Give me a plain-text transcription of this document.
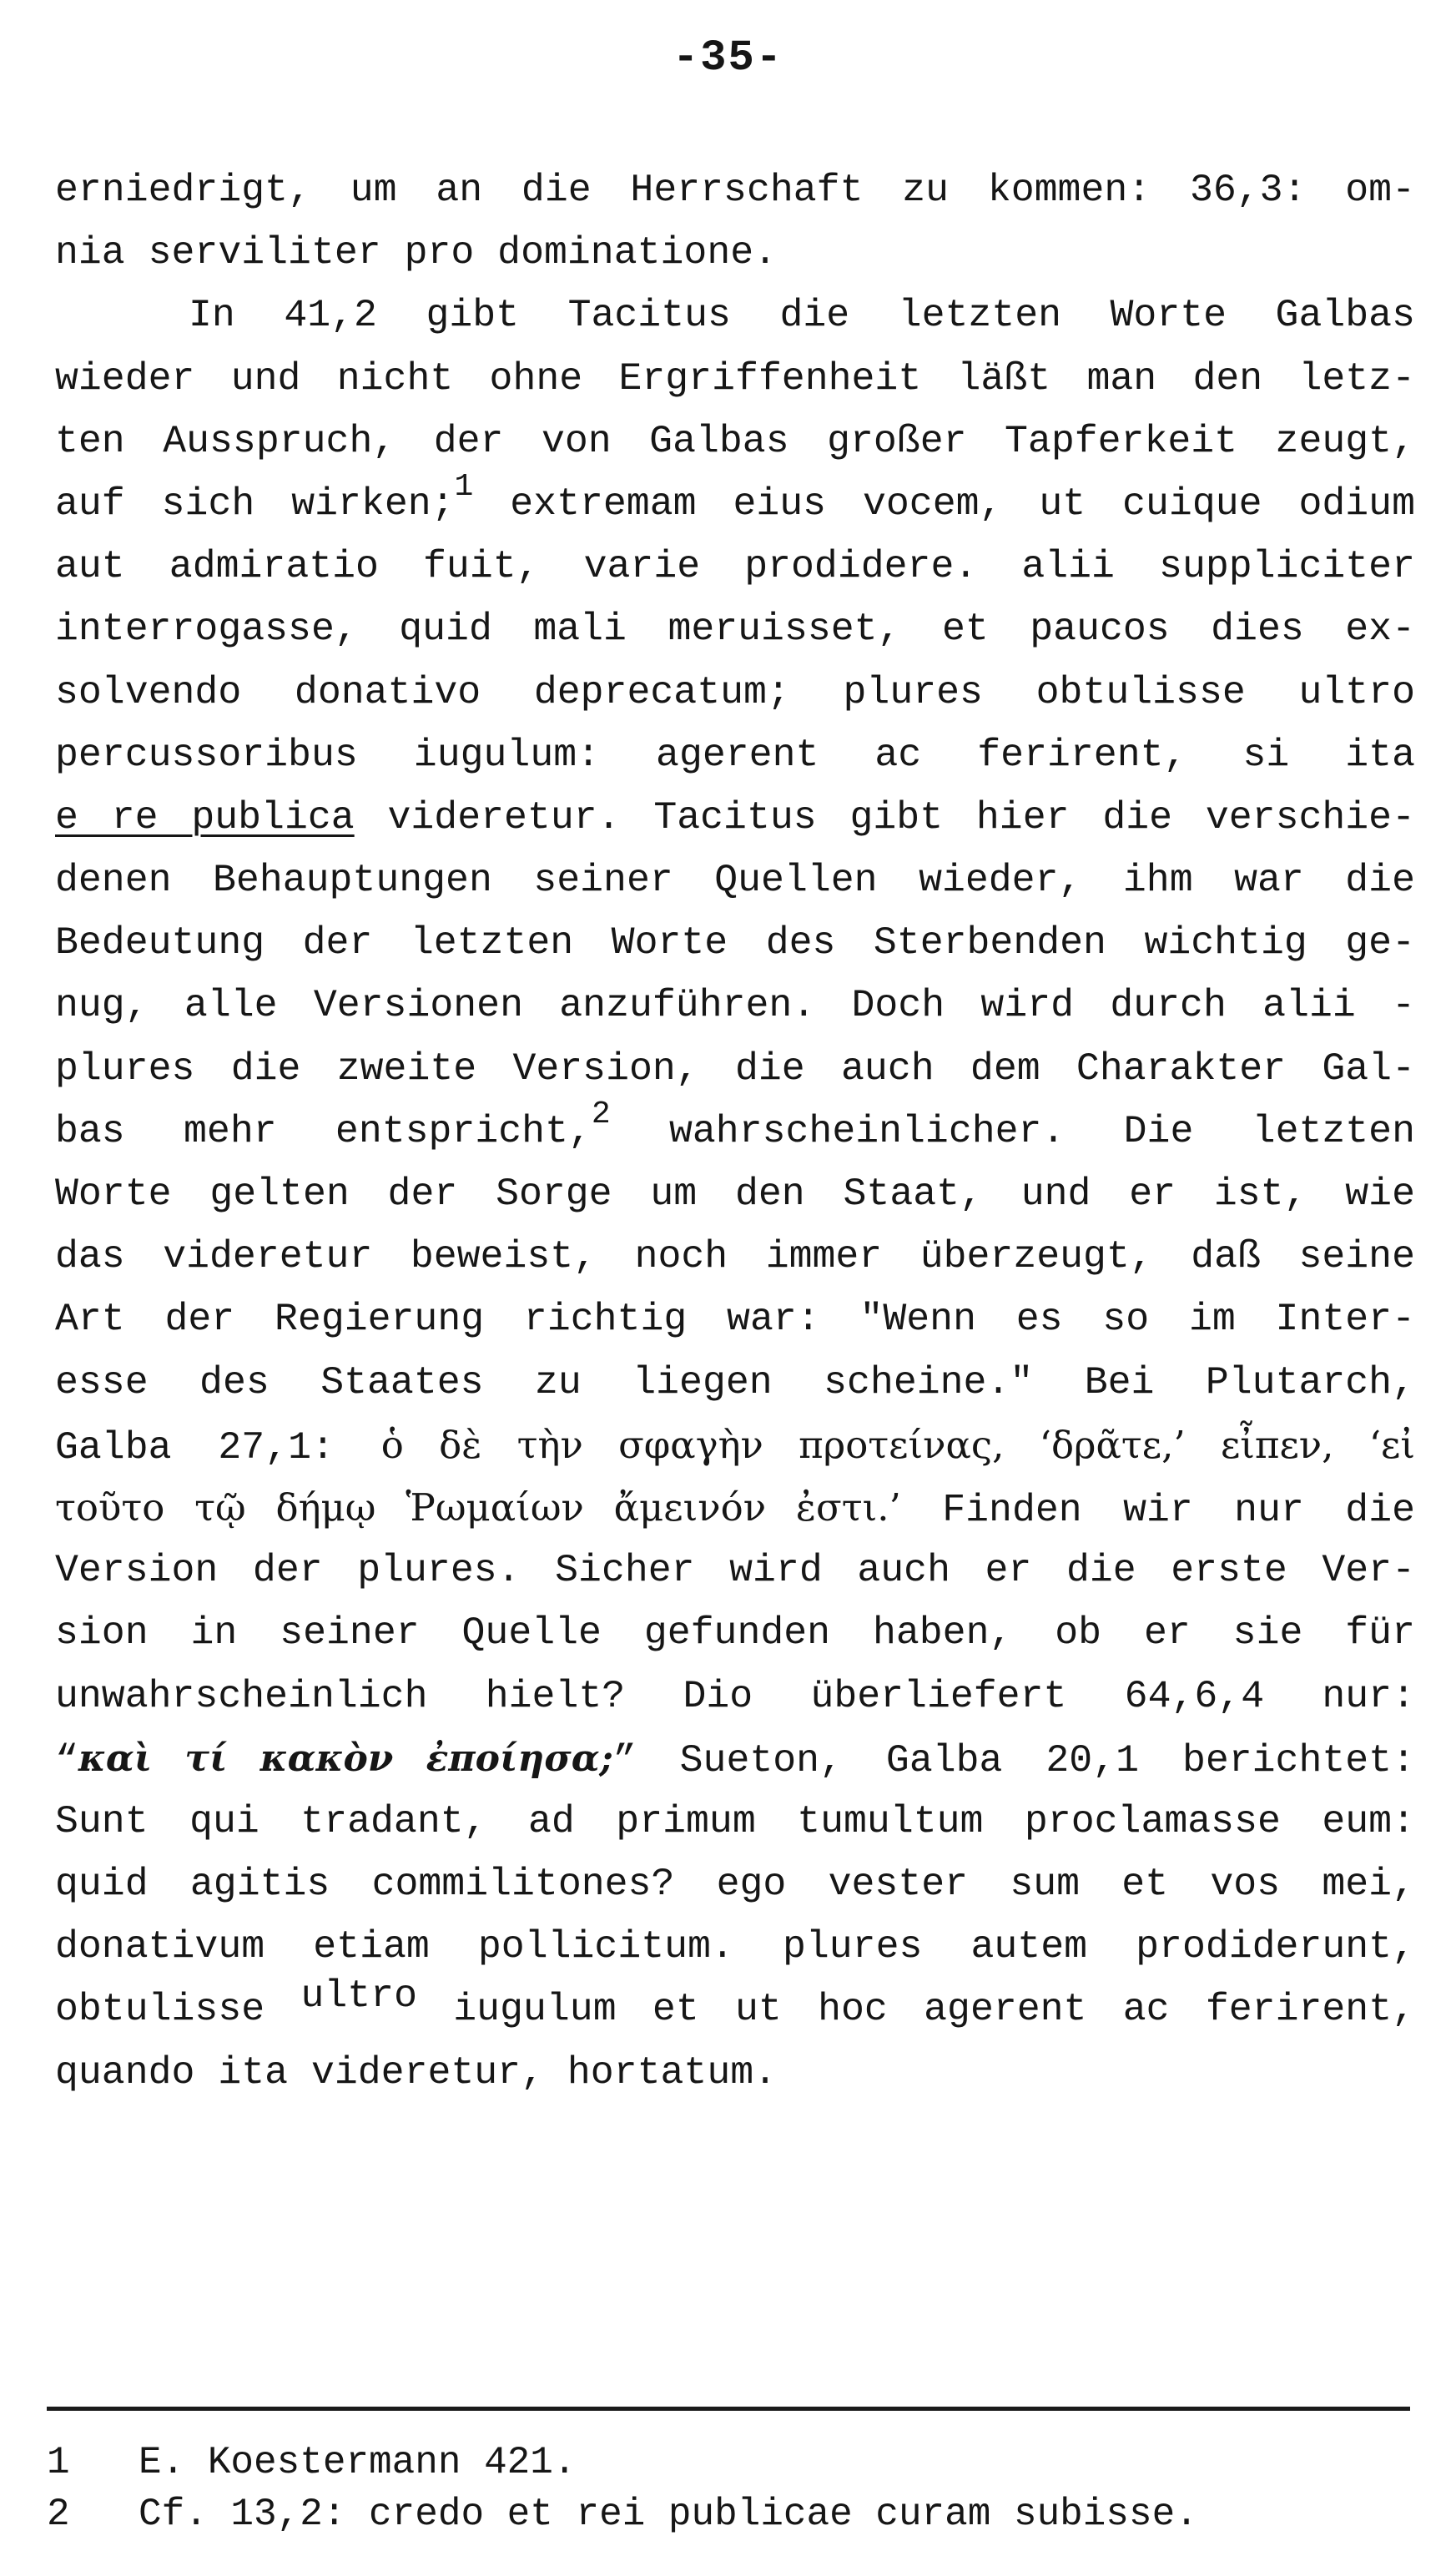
-35-
erniedrigt, um an die Herrschaft zu kommen: 36,3: om-
nia serviliter pro dominatione.
In 41,2 gibt Tacitus die letzten Worte Galbas
wieder und nicht ohne Ergriffenheit läßt man den letz-
ten Ausspruch, der von Galbas großer Tapferkeit zeugt,
auf sich wirken;$^1$ extremam eius vocem, ut cuique odium
aut admiratio fuit, varie prodidere. alii suppliciter
interrogasse, quid mali meruisset, et paucos dies ex-
solvendo donativo deprecatum; plures obtulisse ultro
percussoribus iugulum: agerent ac ferirent, si ita
e re publica videretur. Tacitus gibt hier die verschie-
denen Behauptungen seiner Quellen wieder, ihm war die
Bedeutung der letzten Worte des Sterbenden wichtig ge-
nug, alle Versionen anzuführen. Doch wird durch alii -
plures die zweite Version, die auch dem Charakter Gal-
bas mehr entspricht,$^2$ wahrscheinlicher. Die letzten
Worte gelten der Sorge um den Staat, und er ist, wie
das videretur beweist, noch immer überzeugt, daß seine
Art der Regierung richtig war: "Wenn es so im Inter-
esse des Staates zu liegen scheine." Bei Plutarch,
Galba 27,1: ὁ δὲ τὴν σφαγὴν προτείνας, ‘δρᾶτε,’ εἶπεν, ‘εἰ
τοῦτο τῷ δήμῳ Ῥωμαίων ἄμεινόν ἐστι.’ Finden wir nur die
Version der plures. Sicher wird auch er die erste Ver-
sion in seiner Quelle gefunden haben, ob er sie für
unwahrscheinlich hielt? Dio überliefert 64,6,4 nur:
“καὶ τί κακὸν ἐποίησα;” Sueton, Galba 20,1 berichtet:
Sunt qui tradant, ad primum tumultum proclamasse eum:
quid agitis commilitones? ego vester sum et vos mei,
donativum etiam pollicitum. plures autem prodiderunt,
obtulisse ultro iugulum et ut hoc agerent ac ferirent,
quando ita videretur, hortatum.
1 E. Koestermann 421.
2 Cf. 13,2: credo et rei publicae curam subisse.
